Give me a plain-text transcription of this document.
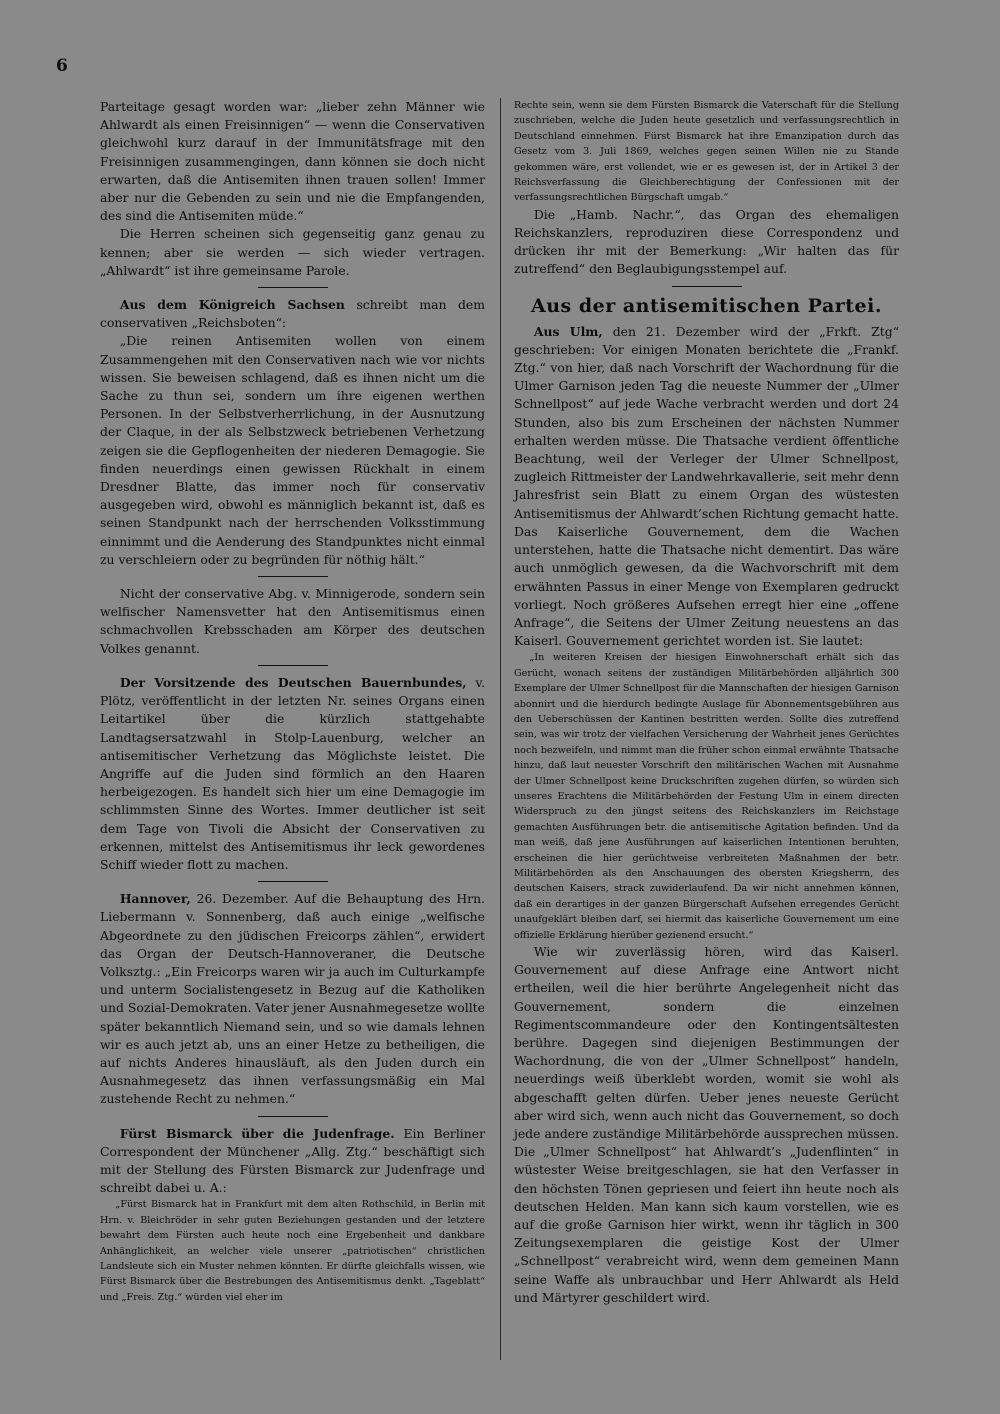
6

Parteitage gesagt worden war: „lieber zehn Männer wie Ahlwardt als einen Freisinnigen“ — wenn die Conservativen gleichwohl kurz darauf in der Immunitätsfrage mit den Freisinnigen zusammengingen, dann können sie doch nicht erwarten, daß die Antisemiten ihnen trauen sollen! Immer aber nur die Gebenden zu sein und nie die Empfangenden, des sind die Antisemiten müde.“

Die Herren scheinen sich gegenseitig ganz genau zu kennen; aber sie werden — sich wieder vertragen. „Ahlwardt“ ist ihre gemeinsame Parole.

Aus dem Königreich Sachsen schreibt man dem conservativen „Reichsboten“:

„Die reinen Antisemiten wollen von einem Zusammengehen mit den Conservativen nach wie vor nichts wissen. Sie beweisen schlagend, daß es ihnen nicht um die Sache zu thun sei, sondern um ihre eigenen werthen Personen. In der Selbstverherrlichung, in der Ausnutzung der Claque, in der als Selbstzweck betriebenen Verhetzung zeigen sie die Gepflogenheiten der niederen Demagogie. Sie finden neuerdings einen gewissen Rückhalt in einem Dresdner Blatte, das immer noch für conservativ ausgegeben wird, obwohl es männiglich bekannt ist, daß es seinen Standpunkt nach der herrschenden Volksstimmung einnimmt und die Aenderung des Standpunktes nicht einmal zu verschleiern oder zu begründen für nöthig hält.“

Nicht der conservative Abg. v. Minnigerode, sondern sein welfischer Namensvetter hat den Antisemitismus einen schmachvollen Krebsschaden am Körper des deutschen Volkes genannt.

Der Vorsitzende des Deutschen Bauernbundes, v. Plötz, veröffentlicht in der letzten Nr. seines Organs einen Leitartikel über die kürzlich stattgehabte Landtagsersatzwahl in Stolp-Lauenburg, welcher an antisemitischer Verhetzung das Möglichste leistet. Die Angriffe auf die Juden sind förmlich an den Haaren herbeigezogen. Es handelt sich hier um eine Demagogie im schlimmsten Sinne des Wortes. Immer deutlicher ist seit dem Tage von Tivoli die Absicht der Conservativen zu erkennen, mittelst des Antisemitismus ihr leck gewordenes Schiff wieder flott zu machen.

Hannover, 26. Dezember. Auf die Behauptung des Hrn. Liebermann v. Sonnenberg, daß auch einige „welfische Abgeordnete zu den jüdischen Freicorps zählen“, erwidert das Organ der Deutsch-Hannoveraner, die Deutsche Volksztg.: „Ein Freicorps waren wir ja auch im Culturkampfe und unterm Socialistengesetz in Bezug auf die Katholiken und Sozial-Demokraten. Vater jener Ausnahmegesetze wollte später bekanntlich Niemand sein, und so wie damals lehnen wir es auch jetzt ab, uns an einer Hetze zu betheiligen, die auf nichts Anderes hinausläuft, als den Juden durch ein Ausnahmegesetz das ihnen verfassungsmäßig ein Mal zustehende Recht zu nehmen.“

Fürst Bismarck über die Judenfrage. Ein Berliner Correspondent der Münchener „Allg. Ztg.“ beschäftigt sich mit der Stellung des Fürsten Bismarck zur Judenfrage und schreibt dabei u. A.:

„Fürst Bismarck hat in Frankfurt mit dem alten Rothschild, in Berlin mit Hrn. v. Bleichröder in sehr guten Beziehungen gestanden und der letztere bewahrt dem Fürsten auch heute noch eine Ergebenheit und dankbare Anhänglichkeit, an welcher viele unserer „patriotischen“ christlichen Landsleute sich ein Muster nehmen könnten. Er dürfte gleichfalls wissen, wie Fürst Bismarck über die Bestrebungen des Antisemitismus denkt. „Tageblatt“ und „Freis. Ztg.“ würden viel eher im

Rechte sein, wenn sie dem Fürsten Bismarck die Vaterschaft für die Stellung zuschrieben, welche die Juden heute gesetzlich und verfassungsrechtlich in Deutschland einnehmen. Fürst Bismarck hat ihre Emanzipation durch das Gesetz vom 3. Juli 1869, welches gegen seinen Willen nie zu Stande gekommen wäre, erst vollendet, wie er es gewesen ist, der in Artikel 3 der Reichsverfassung die Gleichberechtigung der Confessionen mit der verfassungsrechtlichen Bürgschaft umgab.“

Die „Hamb. Nachr.“, das Organ des ehemaligen Reichskanzlers, reproduziren diese Correspondenz und drücken ihr mit der Bemerkung: „Wir halten das für zutreffend“ den Beglaubigungsstempel auf.

Aus der antisemitischen Partei.

Aus Ulm, den 21. Dezember wird der „Frkft. Ztg“ geschrieben: Vor einigen Monaten berichtete die „Frankf. Ztg.“ von hier, daß nach Vorschrift der Wachordnung für die Ulmer Garnison jeden Tag die neueste Nummer der „Ulmer Schnellpost“ auf jede Wache verbracht werden und dort 24 Stunden, also bis zum Erscheinen der nächsten Nummer erhalten werden müsse. Die Thatsache verdient öffentliche Beachtung, weil der Verleger der Ulmer Schnellpost, zugleich Rittmeister der Landwehrkavallerie, seit mehr denn Jahresfrist sein Blatt zu einem Organ des wüstesten Antisemitismus der Ahlwardt’schen Richtung gemacht hatte. Das Kaiserliche Gouvernement, dem die Wachen unterstehen, hatte die Thatsache nicht dementirt. Das wäre auch unmöglich gewesen, da die Wachvorschrift mit dem erwähnten Passus in einer Menge von Exemplaren gedruckt vorliegt. Noch größeres Aufsehen erregt hier eine „offene Anfrage“, die Seitens der Ulmer Zeitung neuestens an das Kaiserl. Gouvernement gerichtet worden ist. Sie lautet:

„In weiteren Kreisen der hiesigen Einwohnerschaft erhält sich das Gerücht, wonach seitens der zuständigen Militärbehörden alljährlich 300 Exemplare der Ulmer Schnellpost für die Mannschaften der hiesigen Garnison abonnirt und die hierdurch bedingte Auslage für Abonnementsgebühren aus den Ueberschüssen der Kantinen bestritten werden. Sollte dies zutreffend sein, was wir trotz der vielfachen Versicherung der Wahrheit jenes Gerüchtes noch bezweifeln, und nimmt man die früher schon einmal erwähnte Thatsache hinzu, daß laut neuester Vorschrift den militärischen Wachen mit Ausnahme der Ulmer Schnellpost keine Druckschriften zugehen dürfen, so würden sich unseres Erachtens die Militärbehörden der Festung Ulm in einem directen Widerspruch zu den jüngst seitens des Reichskanzlers im Reichstage gemachten Ausführungen betr. die antisemitische Agitation befinden. Und da man weiß, daß jene Ausführungen auf kaiserlichen Intentionen beruhten, erscheinen die hier gerüchtweise verbreiteten Maßnahmen der betr. Militärbehörden als den Anschauungen des obersten Kriegsherrn, des deutschen Kaisers, strack zuwiderlaufend. Da wir nicht annehmen können, daß ein derartiges in der ganzen Bürgerschaft Aufsehen erregendes Gerücht unaufgeklärt bleiben darf, sei hiermit das kaiserliche Gouvernement um eine offizielle Erklärung hierüber gezienend ersucht.“

Wie wir zuverlässig hören, wird das Kaiserl. Gouvernement auf diese Anfrage eine Antwort nicht ertheilen, weil die hier berührte Angelegenheit nicht das Gouvernement, sondern die einzelnen Regimentscommandeure oder den Kontingentsältesten berühre. Dagegen sind diejenigen Bestimmungen der Wachordnung, die von der „Ulmer Schnellpost“ handeln, neuerdings weiß überklebt worden, womit sie wohl als abgeschafft gelten dürfen. Ueber jenes neueste Gerücht aber wird sich, wenn auch nicht das Gouvernement, so doch jede andere zuständige Militärbehörde aussprechen müssen. Die „Ulmer Schnellpost“ hat Ahlwardt’s „Judenflinten“ in wüstester Weise breitgeschlagen, sie hat den Verfasser in den höchsten Tönen gepriesen und feiert ihn heute noch als deutschen Helden. Man kann sich kaum vorstellen, wie es auf die große Garnison hier wirkt, wenn ihr täglich in 300 Zeitungsexemplaren die geistige Kost der Ulmer „Schnellpost“ verabreicht wird, wenn dem gemeinen Mann seine Waffe als unbrauchbar und Herr Ahlwardt als Held und Märtyrer geschildert wird.
